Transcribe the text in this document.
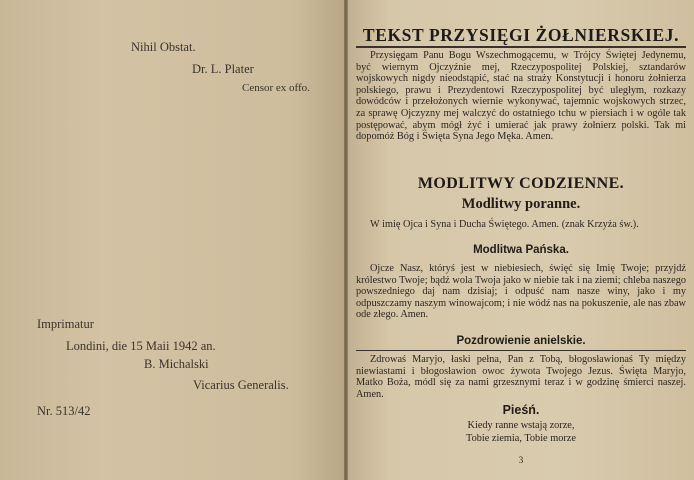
Nihil Obstat.
Dr. L. Plater
Censor ex offo.
Imprimatur
Londini, die 15 Maii 1942 an.
B. Michalski
Vicarius Generalis.
Nr. 513/42
TEKST PRZYSIĘGI ŻOŁNIERSKIEJ.
Przysięgam Panu Bogu Wszechmogącemu, w Trójcy Świętej Jedynemu, być wiernym Ojczyźnie mej, Rzeczypospolitej Polskiej, sztandarów wojskowych nigdy nieodstąpić, stać na straży Konstytucji i honoru żołnierza polskiego, prawu i Prezydentowi Rzeczypospolitej być uległym, rozkazy dowódców i przełożonych wiernie wykonywać, tajemnic wojskowych strzec, za sprawę Ojczyzny mej walczyć do ostatniego tchu w piersiach i w ogóle tak postępować, abym mógł żyć i umierać jak prawy żołnierz polski. Tak mi dopomóż Bóg i Święta Syna Jego Męka. Amen.
MODLITWY CODZIENNE.
Modlitwy poranne.
W imię Ojca i Syna i Ducha Świętego. Amen. (znak Krzyża św.).
Modlitwa Pańska.
Ojcze Nasz, któryś jest w niebiesiech, święć się Imię Twoje; przyjdź królestwo Twoje; bądź wola Twoja jako w niebie tak i na ziemi; chleba naszego powszedniego daj nam dzisiaj; i odpuść nam nasze winy, jako i my odpuszczamy naszym winowajcom; i nie wódź nas na pokuszenie, ale nas zbaw ode złego. Amen.
Pozdrowienie anielskie.
Zdrowaś Maryjo, łaski pełna, Pan z Tobą, błogosławionaś Ty między niewiastami i błogosławion owoc żywota Twojego Jezus. Święta Maryjo, Matko Boża, módl się za nami grzesznymi teraz i w godzinę śmierci naszej. Amen.
Pieśń.
Kiedy ranne wstają zorze,
Tobie ziemia, Tobie morze
3
